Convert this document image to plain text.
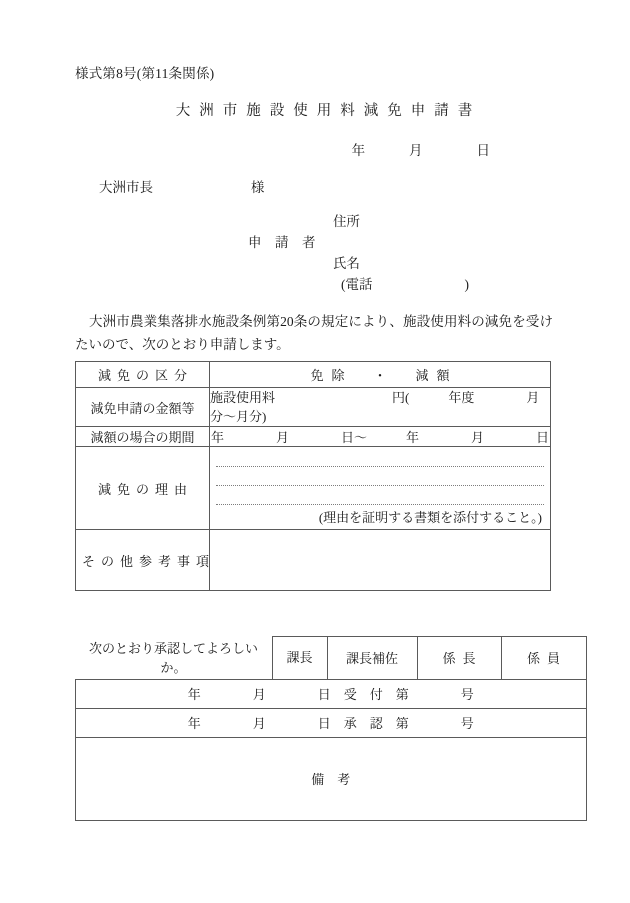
様式第8号(第11条関係)
大洲市施設使用料減免申請書
年　　　 月　　　　日
大洲市長　　　　　　　 様
住所
申　請　者
氏名
(電話	)
大洲市農業集落排水施設条例第20条の規定により、施設使用料の減免を受けたいので、次のとおり申請します。
減免の区分	免除　・　減額
減免申請の金額等	施設使用料　　　　　　　　　円(　　　年度　　　　月分～月分)
減額の場合の期間	年　　　　月　　　　日～　　　年　　　　月　　　　日
減免の理由	(理由を証明する書類を添付すること。)

その他参考事項	
次のとおり承認してよろしいか。	課長	課長補佐	係長	係員
年　　　　月　　　　日　受　付　第　　　　号
年　　　　月　　　　日　承　認　第　　　　号
備　考
